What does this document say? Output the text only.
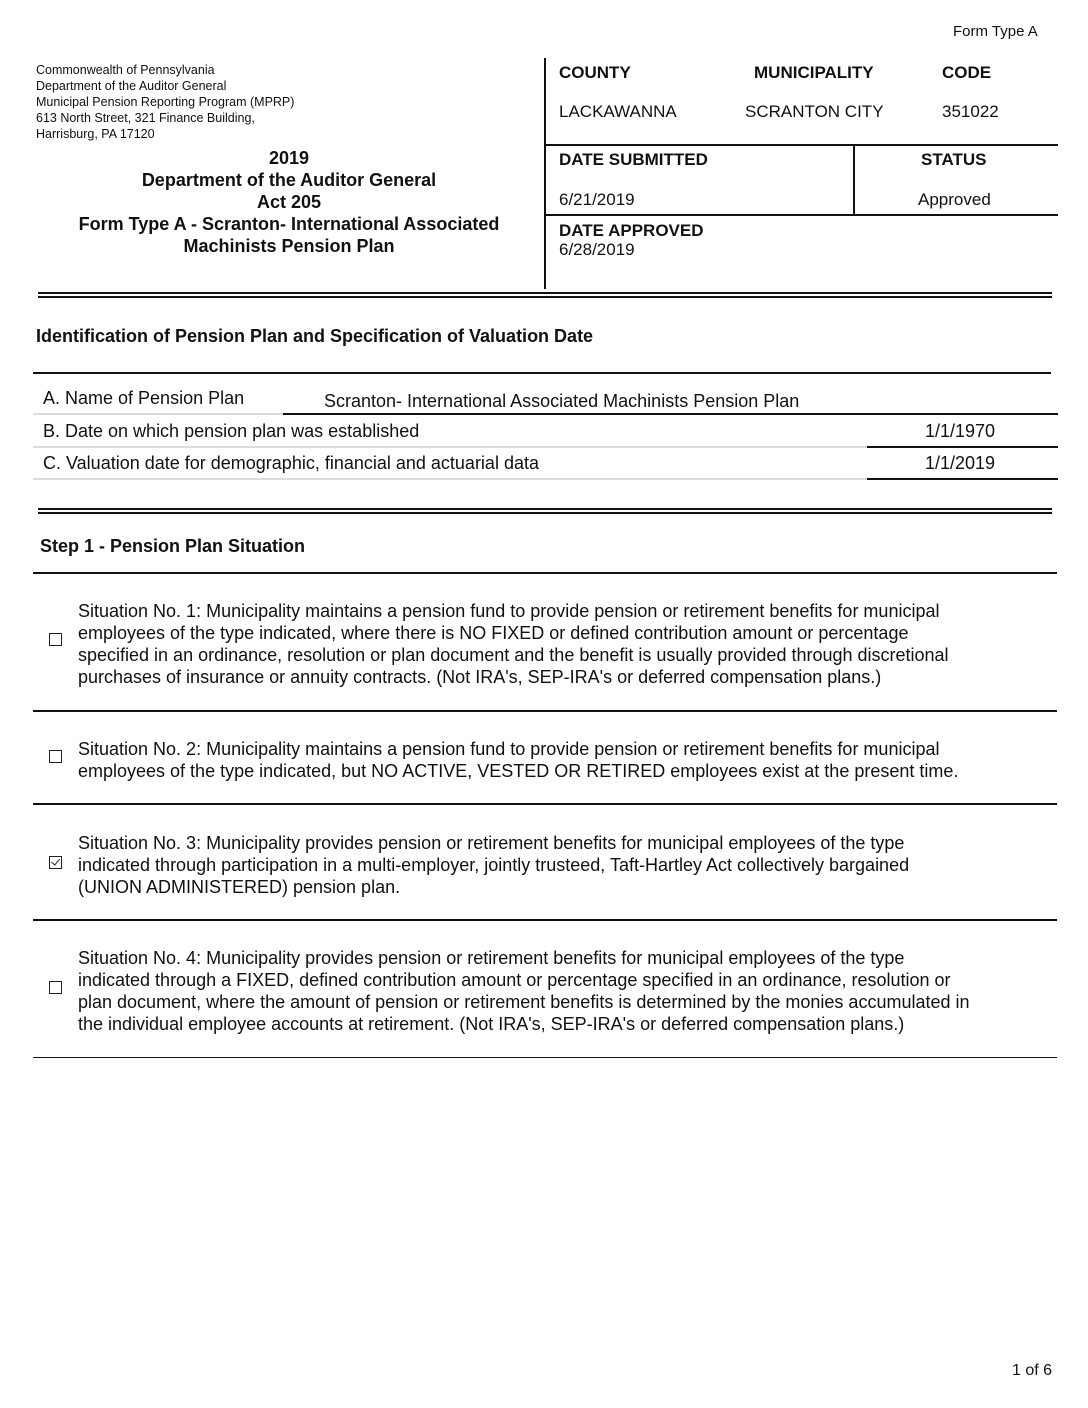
Form Type A
Commonwealth of Pennsylvania
Department of the Auditor General
Municipal Pension Reporting Program (MPRP)
613 North Street, 321 Finance Building,
Harrisburg, PA 17120
2019
Department of the Auditor General
Act 205
Form Type A - Scranton- International Associated
Machinists Pension Plan
COUNTY	MUNICIPALITY	CODE
LACKAWANNA	SCRANTON CITY	351022
DATE SUBMITTED	STATUS
6/21/2019	Approved
DATE APPROVED
6/28/2019
Identification of Pension Plan and Specification of Valuation Date
A. Name of Pension Plan	Scranton- International Associated Machinists Pension Plan
B. Date on which pension plan was established	1/1/1970
C. Valuation date for demographic, financial and actuarial data	1/1/2019
Step 1 - Pension Plan Situation
Situation No. 1: Municipality maintains a pension fund to provide pension or retirement benefits for municipal
employees of the type indicated, where there is NO FIXED or defined contribution amount or percentage
specified in an ordinance, resolution or plan document and the benefit is usually provided through discretional
purchases of insurance or annuity contracts. (Not IRA's, SEP-IRA's or deferred compensation plans.)
Situation No. 2: Municipality maintains a pension fund to provide pension or retirement benefits for municipal
employees of the type indicated, but NO ACTIVE, VESTED OR RETIRED employees exist at the present time.
Situation No. 3: Municipality provides pension or retirement benefits for municipal employees of the type
indicated through participation in a multi-employer, jointly trusteed, Taft-Hartley Act collectively bargained
(UNION ADMINISTERED) pension plan.
Situation No. 4: Municipality provides pension or retirement benefits for municipal employees of the type
indicated through a FIXED, defined contribution amount or percentage specified in an ordinance, resolution or
plan document, where the amount of pension or retirement benefits is determined by the monies accumulated in
the individual employee accounts at retirement. (Not IRA's, SEP-IRA's or deferred compensation plans.)
1 of 6
